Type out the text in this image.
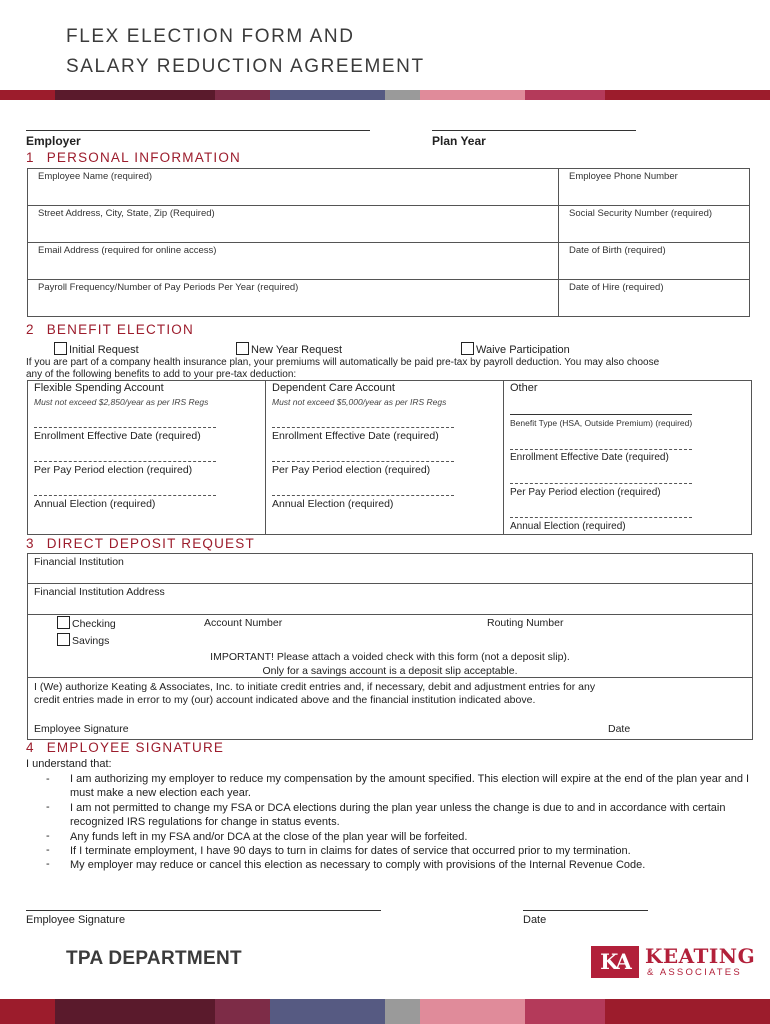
FLEX ELECTION FORM AND
SALARY REDUCTION AGREEMENT
Employer	Plan Year
1 PERSONAL INFORMATION
Employee Name (required)	Employee Phone Number
Street Address, City, State, Zip (Required)	Social Security Number (required)
Email Address (required for online access)	Date of Birth (required)
Payroll Frequency/Number of Pay Periods Per Year (required)	Date of Hire (required)
2 BENEFIT ELECTION
Initial Request	New Year Request	Waive Participation
If you are part of a company health insurance plan, your premiums will automatically be paid pre-tax by payroll deduction. You may also choose
any of the following benefits to add to your pre-tax deduction:
Flexible Spending Account
Must not exceed $2,850/year as per IRS Regs
Enrollment Effective Date (required)
Per Pay Period election (required)
Annual Election (required)
Dependent Care Account
Must not exceed $5,000/year as per IRS Regs
Enrollment Effective Date (required)
Per Pay Period election (required)
Annual Election (required)
Other
Benefit Type (HSA, Outside Premium) (required)
Enrollment Effective Date (required)
Per Pay Period election (required)
Annual Election (required)
3 DIRECT DEPOSIT REQUEST
Financial Institution
Financial Institution Address
Checking
Savings
Account Number	Routing Number
IMPORTANT! Please attach a voided check with this form (not a deposit slip).
Only for a savings account is a deposit slip acceptable.
I (We) authorize Keating & Associates, Inc. to initiate credit entries and, if necessary, debit and adjustment entries for any
credit entries made in error to my (our) account indicated above and the financial institution indicated above.
Employee Signature	Date
4 EMPLOYEE SIGNATURE
I understand that:
- I am authorizing my employer to reduce my compensation by the amount specified. This election will expire at the end of the plan year and I must make a new election each year.
- I am not permitted to change my FSA or DCA elections during the plan year unless the change is due to and in accordance with certain recognized IRS regulations for change in status events.
- Any funds left in my FSA and/or DCA at the close of the plan year will be forfeited.
- If I terminate employment, I have 90 days to turn in claims for dates of service that occurred prior to my termination.
- My employer may reduce or cancel this election as necessary to comply with provisions of the Internal Revenue Code.
Employee Signature	Date
TPA DEPARTMENT	KA KEATING
& ASSOCIATES
